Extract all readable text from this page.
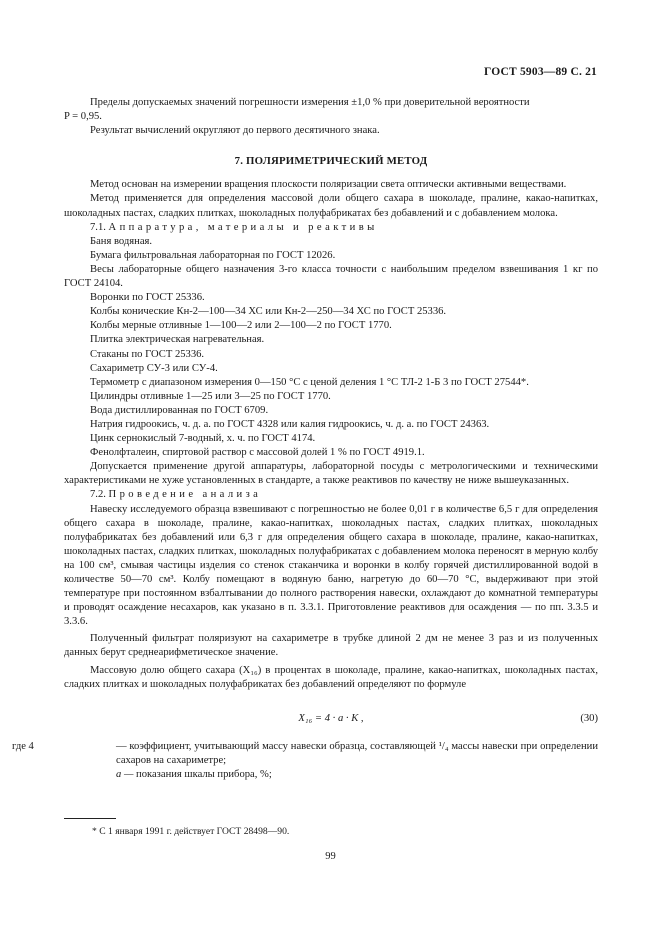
ГОСТ 5903—89 С. 21

Пределы допускаемых значений погрешности измерения ±1,0 % при доверительной вероятности

P = 0,95.

Результат вычислений округляют до первого десятичного знака.

7. ПОЛЯРИМЕТРИЧЕСКИЙ МЕТОД

Метод основан на измерении вращения плоскости поляризации света оптически активными веществами.

Метод применяется для определения массовой доли общего сахара в шоколаде, пралине, какао-напитках, шоколадных пастах, сладких плитках, шоколадных полуфабрикатах без добавлений и с добавлением молока.

7.1. Аппаратура, материалы и реактивы

Баня водяная.

Бумага фильтровальная лабораторная по ГОСТ 12026.

Весы лабораторные общего назначения 3-го класса точности с наибольшим пределом взвешивания 1 кг по ГОСТ 24104.

Воронки по ГОСТ 25336.

Колбы конические Кн-2—100—34 ХС или Кн-2—250—34 ХС по ГОСТ 25336.

Колбы мерные отливные 1—100—2 или 2—100—2 по ГОСТ 1770.

Плитка электрическая нагревательная.

Стаканы по ГОСТ 25336.

Сахариметр СУ-3 или СУ-4.

Термометр с диапазоном измерения 0—150 °С с ценой деления 1 °С ТЛ-2 1-Б 3 по ГОСТ 27544*.

Цилиндры отливные 1—25 или 3—25 по ГОСТ 1770.

Вода дистиллированная по ГОСТ 6709.

Натрия гидроокись, ч. д. а. по ГОСТ 4328 или калия гидроокись, ч. д. а. по ГОСТ 24363.

Цинк сернокислый 7-водный, х. ч. по ГОСТ 4174.

Фенолфталеин, спиртовой раствор с массовой долей 1 % по ГОСТ 4919.1.

Допускается применение другой аппаратуры, лабораторной посуды с метрологическими и техническими характеристиками не хуже установленных в стандарте, а также реактивов по качеству не ниже вышеуказанных.

7.2. Проведение анализа

Навеску исследуемого образца взвешивают с погрешностью не более 0,01 г в количестве 6,5 г для определения общего сахара в шоколаде, пралине, какао-напитках, шоколадных пастах, сладких плитках, шоколадных полуфабрикатах без добавлений или 6,3 г для определения общего сахара в шоколаде, пралине, какао-напитках, шоколадных пастах, сладких плитках, шоколадных полуфабрикатах с добавлением молока переносят в мерную колбу на 100 см³, смывая частицы изделия со стенок стаканчика и воронки в колбу горячей дистиллированной водой в количестве 50—70 см³. Колбу помещают в водяную баню, нагретую до 60—70 °С, выдерживают при этой температуре при постоянном взбалтывании до полного растворения навески, охлаждают до комнатной температуры и проводят осаждение несахаров, как указано в п. 3.3.1. Приготовление реактивов для осаждения — по пп. 3.3.5 и 3.3.6.

Полученный фильтрат поляризуют на сахариметре в трубке длиной 2 дм не менее 3 раз и из полученных данных берут среднеарифметическое значение.

Массовую долю общего сахара (X₁₆) в процентах в шоколаде, пралине, какао-напитках, шоколадных пастах, сладких плитках и шоколадных полуфабрикатах без добавлений определяют по формуле

X₁₆ = 4 · a · K ,	(30)

где 4	— коэффициент, учитывающий массу навески образца, составляющей ¹/₄ массы навески при определении сахаров на сахариметре;

a — показания шкалы прибора, %;

* С 1 января 1991 г. действует ГОСТ 28498—90.
99
